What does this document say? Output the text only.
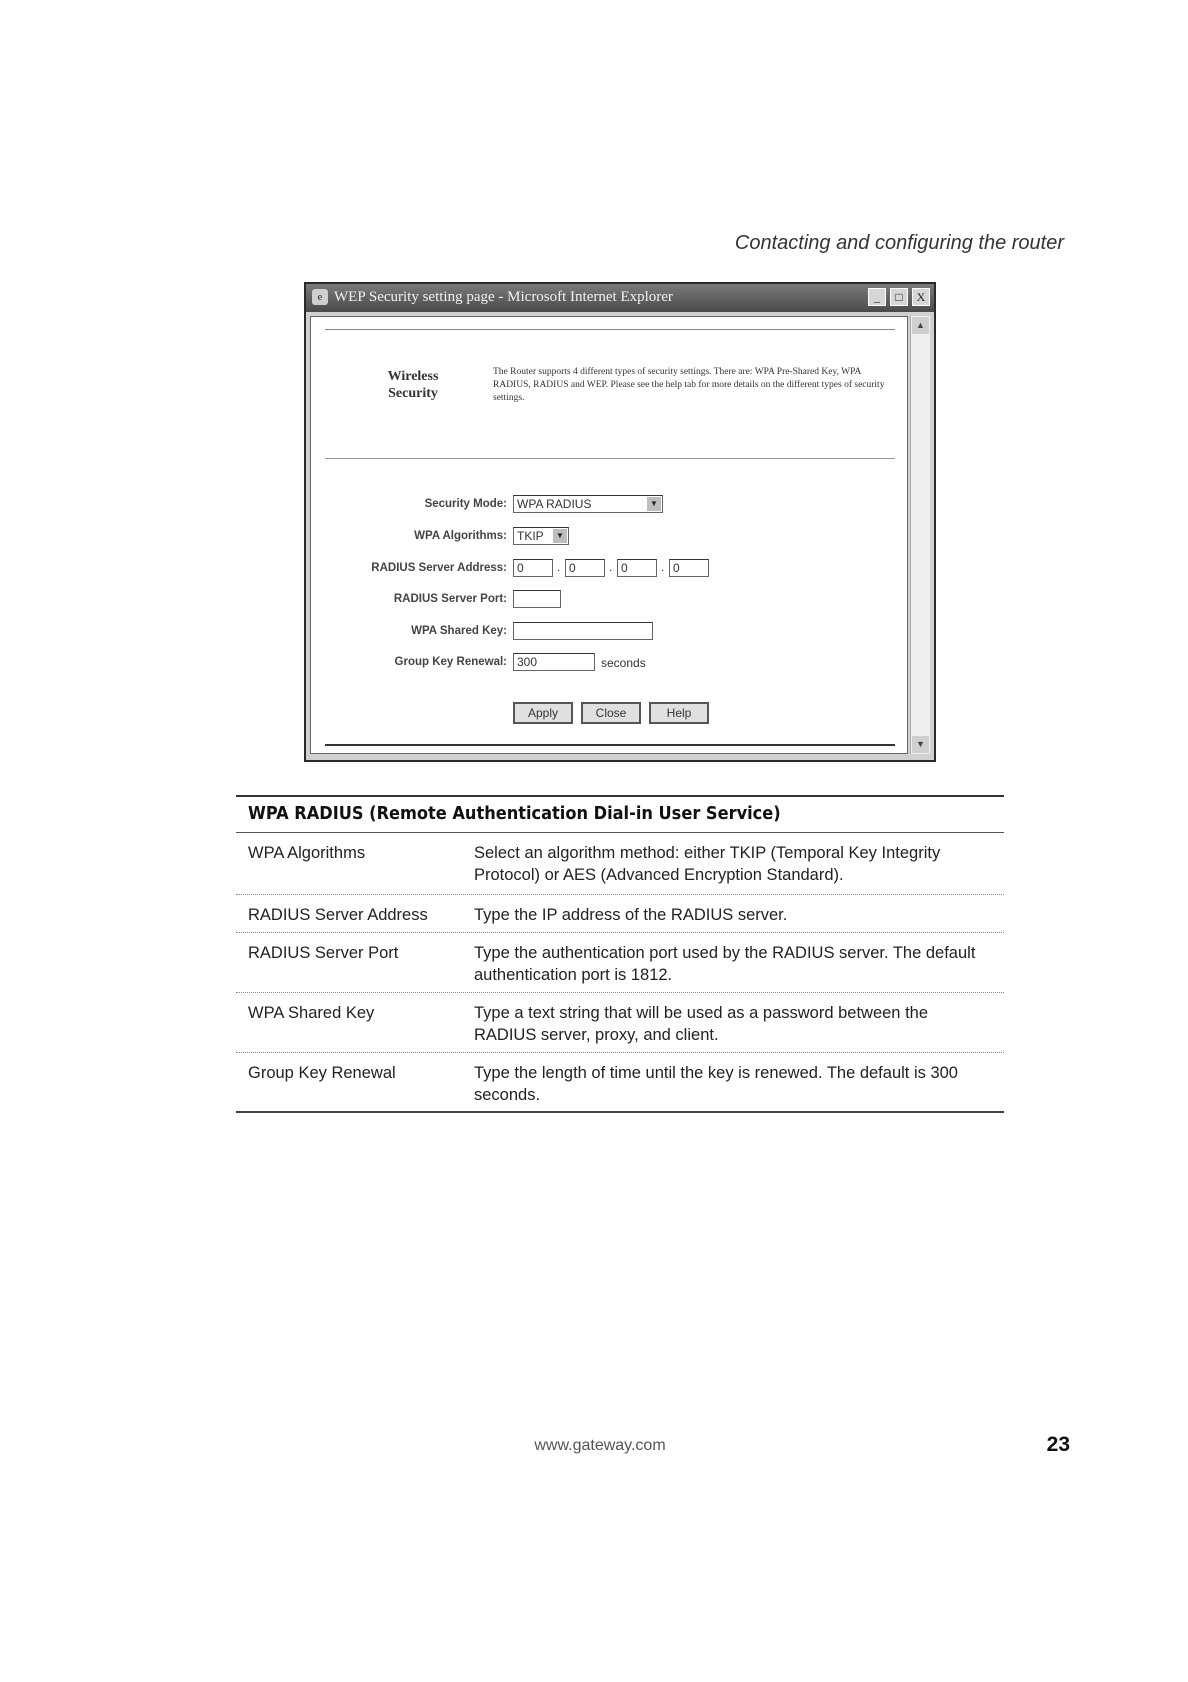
Contacting and configuring the router
e WEP Security setting page - Microsoft Internet Explorer	_	□	X
Wireless Security
The Router supports 4 different types of security settings. There are: WPA Pre-Shared Key, WPA RADIUS, RADIUS and WEP. Please see the help tab for more details on the different types of security settings.
Security Mode: WPA RADIUS	▼
WPA Algorithms: TKIP	▼
RADIUS Server Address: 0	. 0	. 0	. 0
RADIUS Server Port:
WPA Shared Key:
Group Key Renewal: 300	seconds
Apply	Close	Help
▲
▼
WPA RADIUS (Remote Authentication Dial-in User Service)
WPA Algorithms	Select an algorithm method: either TKIP (Temporal Key Integrity Protocol) or AES (Advanced Encryption Standard).
RADIUS Server Address	Type the IP address of the RADIUS server.
RADIUS Server Port	Type the authentication port used by the RADIUS server. The default authentication port is 1812.
WPA Shared Key	Type a text string that will be used as a password between the RADIUS server, proxy, and client.
Group Key Renewal	Type the length of time until the key is renewed. The default is 300 seconds.
www.gateway.com	23
